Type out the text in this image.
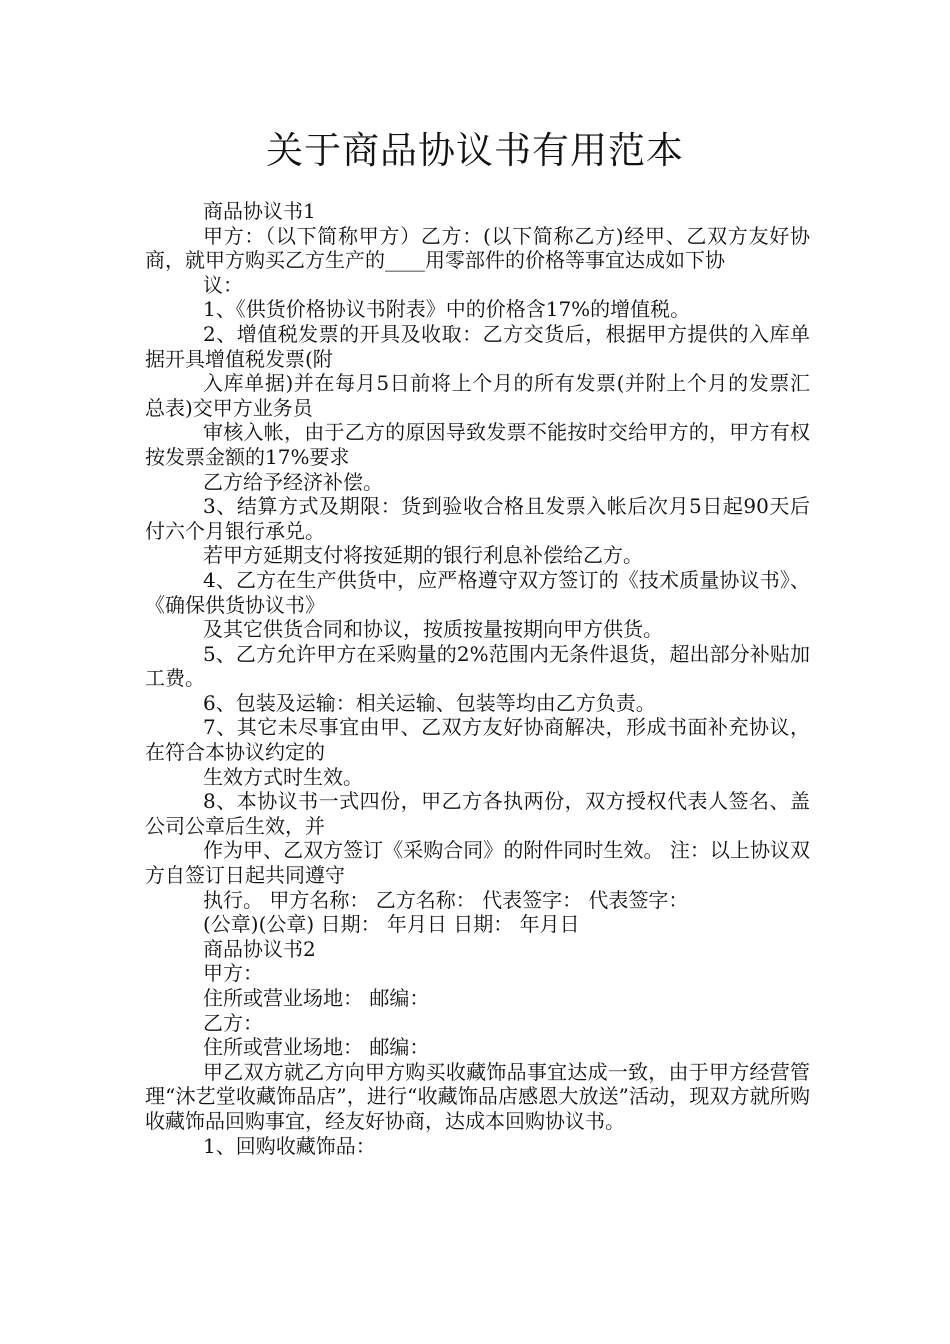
关于商品协议书有用范本

商品协议书1

甲方：（以下简称甲方）乙方：(以下简称乙方)经甲、乙双方友好协商，就甲方购买乙方生产的____用零部件的价格等事宜达成如下协

议：

1、《供货价格协议书附表》中的价格含17%的增值税。

2、增值税发票的开具及收取：乙方交货后，根据甲方提供的入库单据开具增值税发票(附

入库单据)并在每月5日前将上个月的所有发票(并附上个月的发票汇总表)交甲方业务员

审核入帐，由于乙方的原因导致发票不能按时交给甲方的，甲方有权按发票金额的17%要求

乙方给予经济补偿。

3、结算方式及期限：货到验收合格且发票入帐后次月5日起90天后付六个月银行承兑。

若甲方延期支付将按延期的银行利息补偿给乙方。

4、乙方在生产供货中，应严格遵守双方签订的《技术质量协议书》、《确保供货协议书》

及其它供货合同和协议，按质按量按期向甲方供货。

5、乙方允许甲方在采购量的2%范围内无条件退货，超出部分补贴加工费。

6、包装及运输：相关运输、包装等均由乙方负责。

7、其它未尽事宜由甲、乙双方友好协商解决，形成书面补充协议，在符合本协议约定的

生效方式时生效。

8、本协议书一式四份，甲乙方各执两份，双方授权代表人签名、盖公司公章后生效，并

作为甲、乙双方签订《采购合同》的附件同时生效。 注：以上协议双方自签订日起共同遵守

执行。 甲方名称： 乙方名称： 代表签字： 代表签字：

(公章)(公章) 日期： 年月日 日期： 年月日

商品协议书2

甲方：

住所或营业场地： 邮编：

乙方：

住所或营业场地： 邮编：

甲乙双方就乙方向甲方购买收藏饰品事宜达成一致，由于甲方经营管理“沐艺堂收藏饰品店”，进行“收藏饰品店感恩大放送”活动，现双方就所购收藏饰品回购事宜，经友好协商，达成本回购协议书。

1、回购收藏饰品：
